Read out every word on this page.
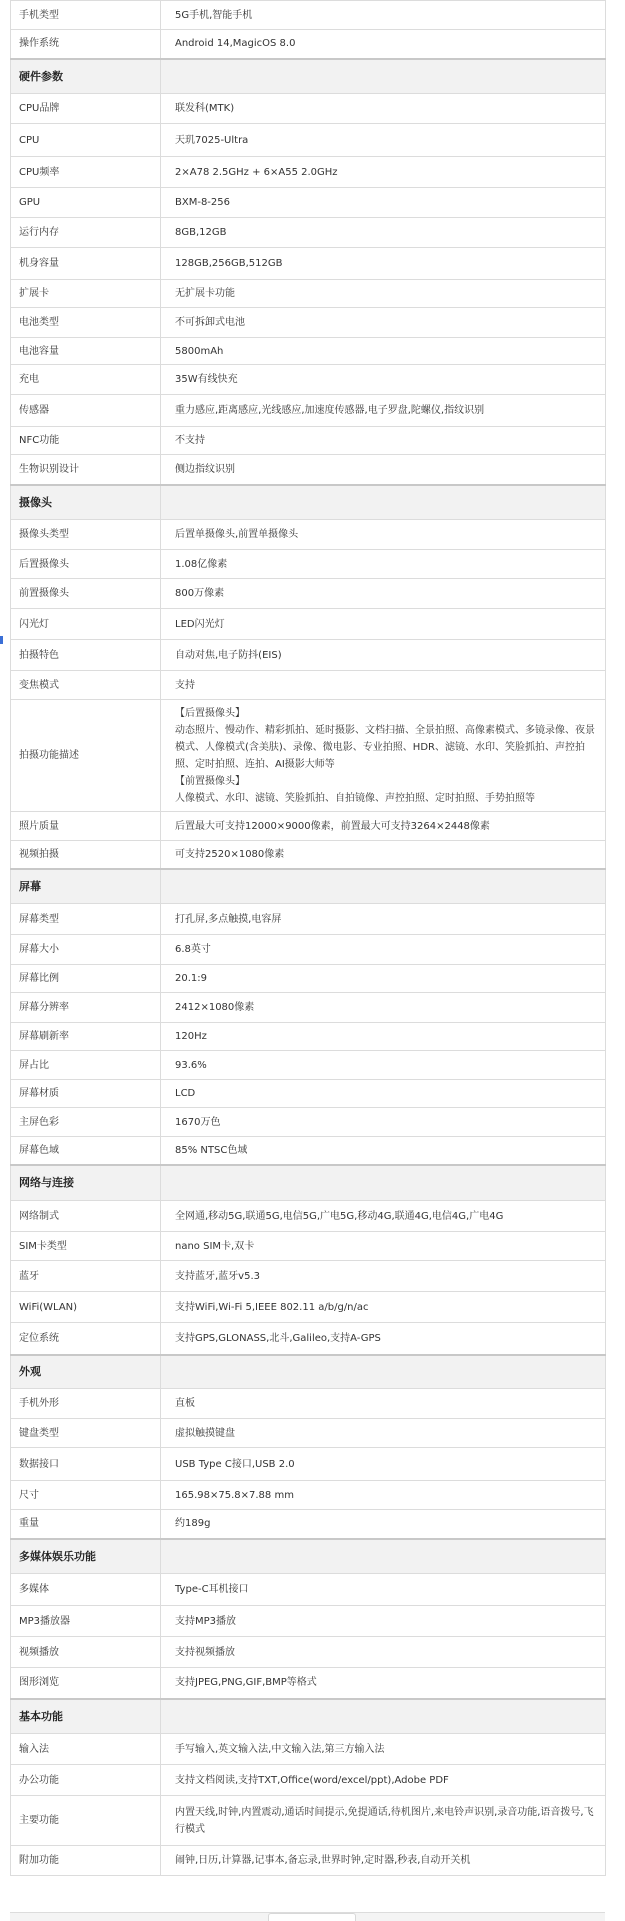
手机类型	5G手机,智能手机
操作系统	Android 14,MagicOS 8.0
硬件参数	
CPU品牌	联发科(MTK)
CPU	天玑7025-Ultra
CPU频率	2×A78 2.5GHz + 6×A55 2.0GHz
GPU	BXM-8-256
运行内存	8GB,12GB
机身容量	128GB,256GB,512GB
扩展卡	无扩展卡功能
电池类型	不可拆卸式电池
电池容量	5800mAh
充电	35W有线快充
传感器	重力感应,距离感应,光线感应,加速度传感器,电子罗盘,陀螺仪,指纹识别
NFC功能	不支持
生物识别设计	侧边指纹识别
摄像头	
摄像头类型	后置单摄像头,前置单摄像头
后置摄像头	1.08亿像素
前置摄像头	800万像素
闪光灯	LED闪光灯
拍摄特色	自动对焦,电子防抖(EIS)
变焦模式	支持
拍摄功能描述	【后置摄像头】
动态照片、慢动作、精彩抓拍、延时摄影、文档扫描、全景拍照、高像素模式、多镜录像、夜景模式、人像模式(含美肤)、录像、微电影、专业拍照、HDR、滤镜、水印、笑脸抓拍、声控拍照、定时拍照、连拍、AI摄影大师等
【前置摄像头】
人像模式、水印、滤镜、笑脸抓拍、自拍镜像、声控拍照、定时拍照、手势拍照等
照片质量	后置最大可支持12000×9000像素，前置最大可支持3264×2448像素
视频拍摄	可支持2520×1080像素
屏幕	
屏幕类型	打孔屏,多点触摸,电容屏
屏幕大小	6.8英寸
屏幕比例	20.1:9
屏幕分辨率	2412×1080像素
屏幕刷新率	120Hz
屏占比	93.6%
屏幕材质	LCD
主屏色彩	1670万色
屏幕色域	85% NTSC色域
网络与连接	
网络制式	全网通,移动5G,联通5G,电信5G,广电5G,移动4G,联通4G,电信4G,广电4G
SIM卡类型	nano SIM卡,双卡
蓝牙	支持蓝牙,蓝牙v5.3
WiFi(WLAN)	支持WiFi,Wi-Fi 5,IEEE 802.11 a/b/g/n/ac
定位系统	支持GPS,GLONASS,北斗,Galileo,支持A-GPS
外观	
手机外形	直板
键盘类型	虚拟触摸键盘
数据接口	USB Type C接口,USB 2.0
尺寸	165.98×75.8×7.88 mm
重量	约189g
多媒体娱乐功能	
多媒体	Type-C耳机接口
MP3播放器	支持MP3播放
视频播放	支持视频播放
图形浏览	支持JPEG,PNG,GIF,BMP等格式
基本功能	
输入法	手写输入,英文输入法,中文输入法,第三方输入法
办公功能	支持文档阅读,支持TXT,Office(word/excel/ppt),Adobe PDF
主要功能	内置天线,时钟,内置震动,通话时间提示,免提通话,待机图片,来电铃声识别,录音功能,语音拨号,飞行模式
附加功能	闹钟,日历,计算器,记事本,备忘录,世界时钟,定时器,秒表,自动开关机
